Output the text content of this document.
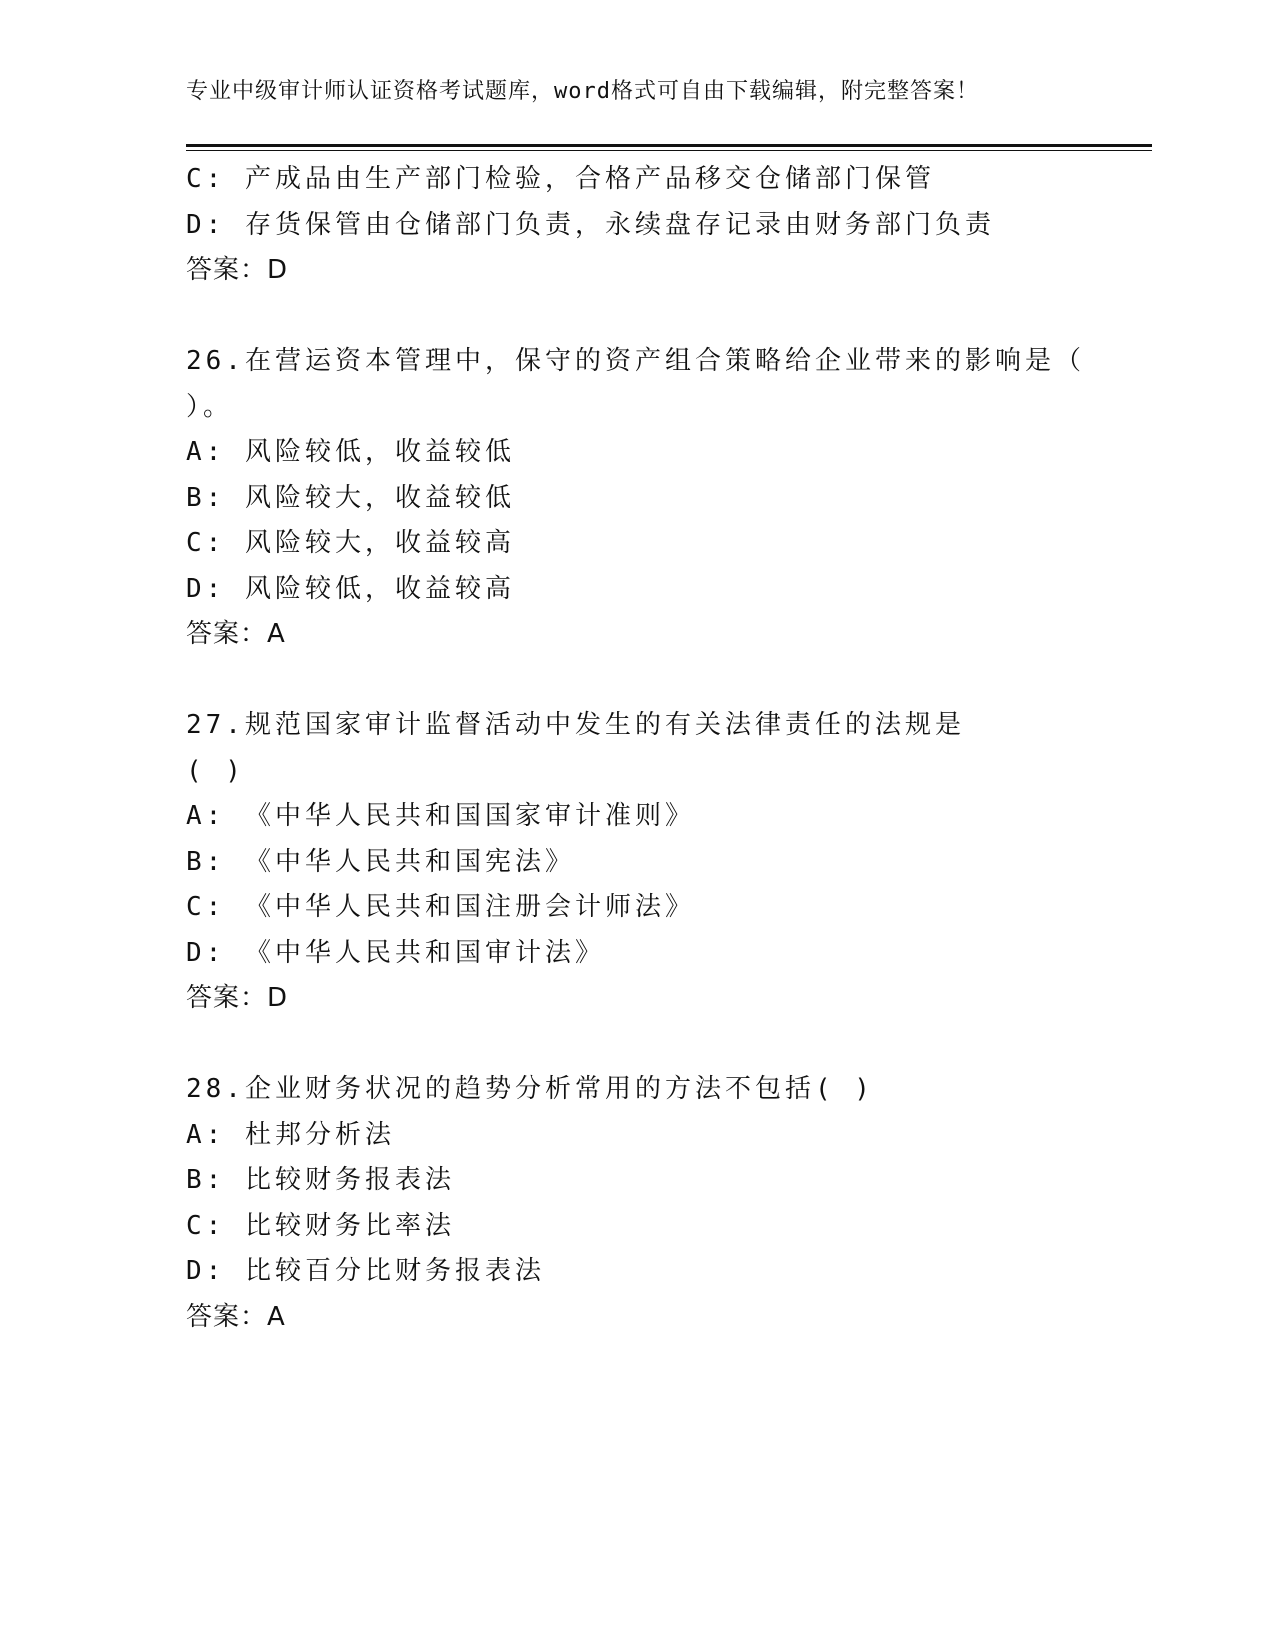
专业中级审计师认证资格考试题库，word格式可自由下载编辑，附完整答案！
C: 产成品由生产部门检验，合格产品移交仓储部门保管
D: 存货保管由仓储部门负责，永续盘存记录由财务部门负责
答案：D
26.在营运资本管理中，保守的资产组合策略给企业带来的影响是（
）。
A: 风险较低，收益较低
B: 风险较大，收益较低
C: 风险较大，收益较高
D: 风险较低，收益较高
答案：A
27.规范国家审计监督活动中发生的有关法律责任的法规是
( )
A: 《中华人民共和国国家审计准则》
B: 《中华人民共和国宪法》
C: 《中华人民共和国注册会计师法》
D: 《中华人民共和国审计法》
答案：D
28.企业财务状况的趋势分析常用的方法不包括( )
A: 杜邦分析法
B: 比较财务报表法
C: 比较财务比率法
D: 比较百分比财务报表法
答案：A
